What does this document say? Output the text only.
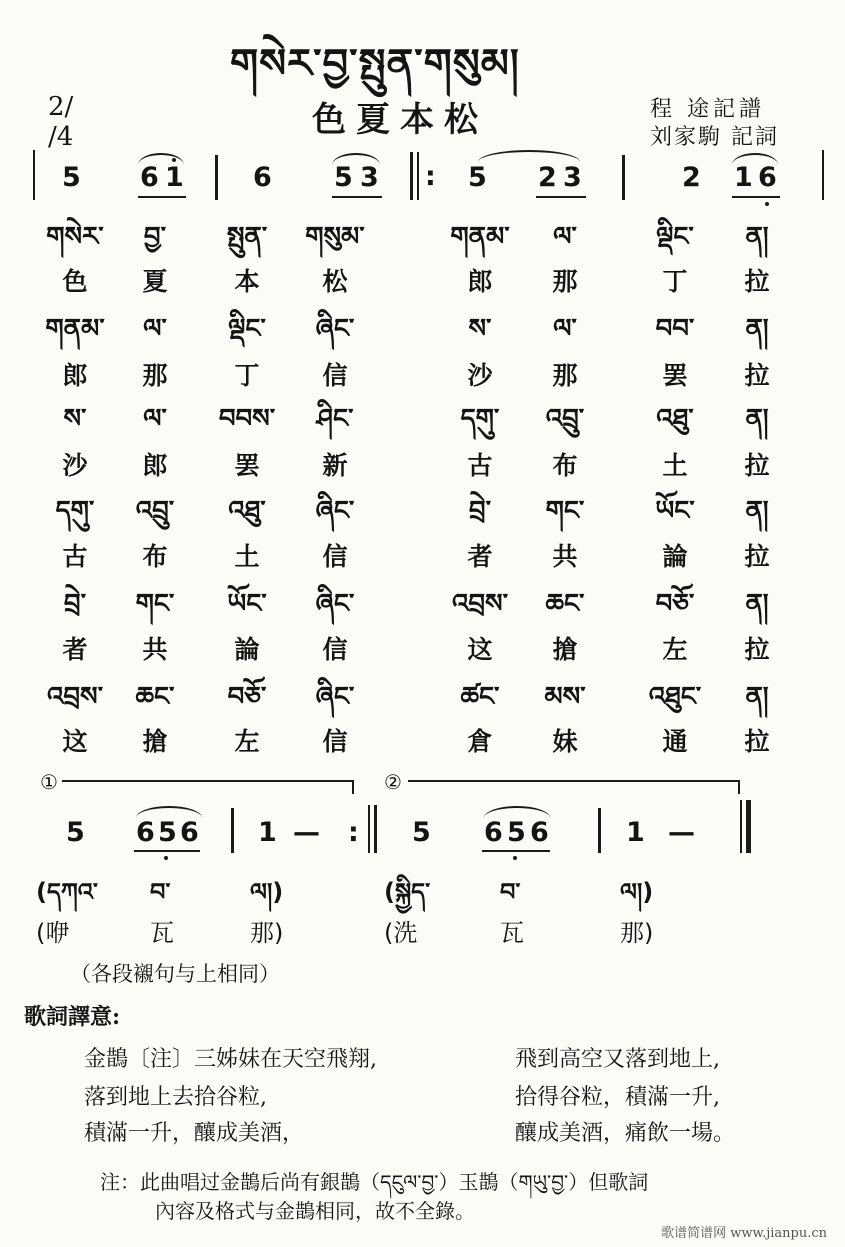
གསེར་བྱ་སྤུན་གསུམ།
2/
/4	色夏本松	程 途記譜
刘家駒 記詞
5 6 1	6 5 3 : 5 2 3	2 1 6
གསེར་	བྱ་	སྤུན་	གསུམ་	གནམ་	ལ་	ལྡིང་	ན།
色	夏	本	松	郎	那	丁	拉
གནམ་	ལ་	ལྡིང་	ཞིང་	ས་	ལ་	བབ་	ན།
郎	那	丁	信	沙	那	罢	拉
ས་	ལ་	བབས་	ཤིང་	དགུ་	འབྲུ་	འཐུ་	ན།
沙	郎	罢	新	古	布	土	拉
དགུ་	འབྲུ་	འཐུ་	ཞིང་	བྲེ་	གང་	ཡོང་	ན།
古	布	土	信	者	共	論	拉
བྲེ་	གང་	ཡོང་	ཞིང་	འབྲས་	ཆང་	བཅོ་	ན།
者	共	論	信	这	搶	左	拉
འབྲས་	ཆང་	བཅོ་	ཞིང་	ཚང་	མས་	འཐུང་	ན།
这	搶	左	信	倉	妹	通	拉
①	②
5 6 5 6 1 — : 5 6 5 6	1 —
(དཀའ་ བ་	ལ།)	(སྐྱིད་	བ་	ལ།)
(咿	瓦	那)	(洗	瓦	那)
（各段襯句与上相同）
歌詞譯意:
金鵲〔注〕三姊妹在天空飛翔,
落到地上去拾谷粒,
積滿一升，釀成美酒，
飛到高空又落到地上,
拾得谷粒，積滿一升,
釀成美酒，痛飲一場。
注：此曲唱过金鵲后尚有銀鵲（དངུལ་བྱ་）玉鵲（གཡུ་བྱ་）但歌詞
內容及格式与金鵲相同，故不全錄。
歌谱简谱网 www.jianpu.cn
